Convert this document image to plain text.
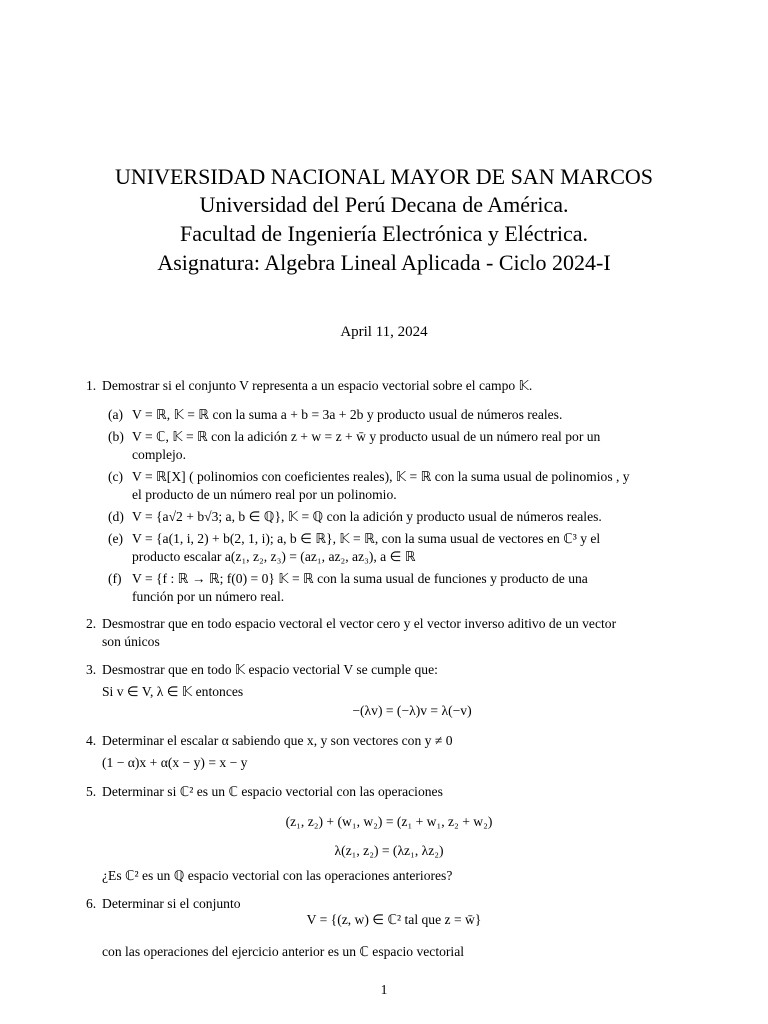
UNIVERSIDAD NACIONAL MAYOR DE SAN MARCOS
Universidad del Perú Decana de América.
Facultad de Ingeniería Electrónica y Eléctrica.
Asignatura: Algebra Lineal Aplicada - Ciclo 2024-I
April 11, 2024
1. Demostrar si el conjunto V representa a un espacio vectorial sobre el campo 𝕂.
(a) V = ℝ, 𝕂 = ℝ con la suma a + b = 3a + 2b y producto usual de números reales.
(b) V = ℂ, 𝕂 = ℝ con la adición z + w = z + w̄ y producto usual de un número real por un
complejo.
(c) V = ℝ[X] ( polinomios con coeficientes reales), 𝕂 = ℝ con la suma usual de polinomios , y
el producto de un número real por un polinomio.
(d) V = {a√2 + b√3; a, b ∈ ℚ}, 𝕂 = ℚ con la adición y producto usual de números reales.
(e) V = {a(1, i, 2) + b(2, 1, i); a, b ∈ ℝ}, 𝕂 = ℝ, con la suma usual de vectores en ℂ³ y el
producto escalar a(z₁, z₂, z₃) = (az₁, az₂, az₃), a ∈ ℝ
(f) V = {f : ℝ → ℝ; f(0) = 0} 𝕂 = ℝ con la suma usual de funciones y producto de una
función por un número real.
2. Desmostrar que en todo espacio vectoral el vector cero y el vector inverso aditivo de un vector
son únicos
3. Desmostrar que en todo 𝕂 espacio vectorial V se cumple que:
Si v ∈ V, λ ∈ 𝕂 entonces
−(λv) = (−λ)v = λ(−v)
4. Determinar el escalar α sabiendo que x, y son vectores con y ≠ 0
(1 − α)x + α(x − y) = x − y
5. Determinar si ℂ² es un ℂ espacio vectorial con las operaciones
(z₁, z₂) + (w₁, w₂) = (z₁ + w₁, z₂ + w₂)
λ(z₁, z₂) = (λz₁, λz₂)
¿Es ℂ² es un ℚ espacio vectorial con las operaciones anteriores?
6. Determinar si el conjunto
V = {(z, w) ∈ ℂ² tal que z = w̄}
con las operaciones del ejercicio anterior es un ℂ espacio vectorial
1
